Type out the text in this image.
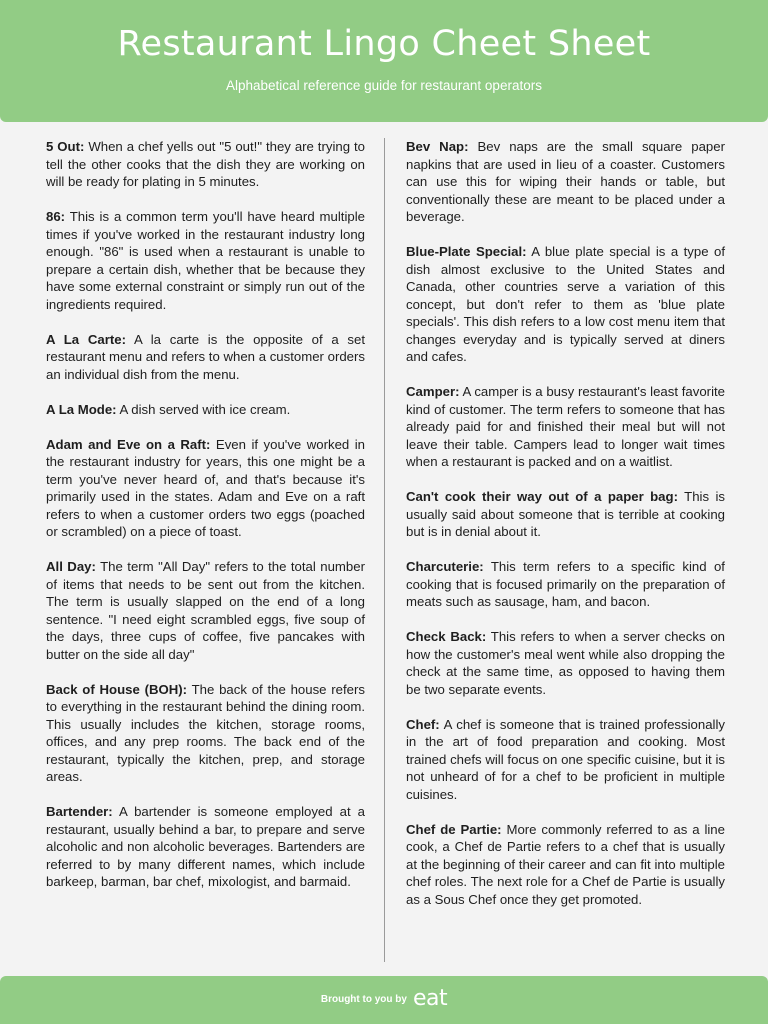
Restaurant Lingo Cheet Sheet
Alphabetical reference guide for restaurant operators

5 Out: When a chef yells out "5 out!" they are trying to tell the other cooks that the dish they are working on will be ready for plating in 5 minutes.

86: This is a common term you'll have heard multiple times if you've worked in the restaurant industry long enough. "86" is used when a restaurant is unable to prepare a certain dish, whether that be because they have some external constraint or simply run out of the ingredients required.

A La Carte: A la carte is the opposite of a set restaurant menu and refers to when a customer orders an individual dish from the menu.

A La Mode: A dish served with ice cream.

Adam and Eve on a Raft: Even if you've worked in the restaurant industry for years, this one might be a term you've never heard of, and that's because it's primarily used in the states. Adam and Eve on a raft refers to when a customer orders two eggs (poached or scrambled) on a piece of toast.

All Day: The term "All Day" refers to the total number of items that needs to be sent out from the kitchen. The term is usually slapped on the end of a long sentence. "I need eight scrambled eggs, five soup of the days, three cups of coffee, five pancakes with butter on the side all day"

Back of House (BOH): The back of the house refers to everything in the restaurant behind the dining room. This usually includes the kitchen, storage rooms, offices, and any prep rooms. The back end of the restaurant, typically the kitchen, prep, and storage areas.

Bartender: A bartender is someone employed at a restaurant, usually behind a bar, to prepare and serve alcoholic and non alcoholic beverages. Bartenders are referred to by many different names, which include barkeep, barman, bar chef, mixologist, and barmaid.

Bev Nap: Bev naps are the small square paper napkins that are used in lieu of a coaster. Customers can use this for wiping their hands or table, but conventionally these are meant to be placed under a beverage.

Blue-Plate Special: A blue plate special is a type of dish almost exclusive to the United States and Canada, other countries serve a variation of this concept, but don't refer to them as 'blue plate specials'. This dish refers to a low cost menu item that changes everyday and is typically served at diners and cafes.

Camper: A camper is a busy restaurant's least favorite kind of customer. The term refers to someone that has already paid for and finished their meal but will not leave their table. Campers lead to longer wait times when a restaurant is packed and on a waitlist.

Can't cook their way out of a paper bag: This is usually said about someone that is terrible at cooking but is in denial about it.

Charcuterie: This term refers to a specific kind of cooking that is focused primarily on the preparation of meats such as sausage, ham, and bacon.

Check Back: This refers to when a server checks on how the customer's meal went while also dropping the check at the same time, as opposed to having them be two separate events.

Chef: A chef is someone that is trained professionally in the art of food preparation and cooking. Most trained chefs will focus on one specific cuisine, but it is not unheard of for a chef to be proficient in multiple cuisines.

Chef de Partie: More commonly referred to as a line cook, a Chef de Partie refers to a chef that is usually at the beginning of their career and can fit into multiple chef roles. The next role for a Chef de Partie is usually as a Sous Chef once they get promoted.

Brought to you by eat
